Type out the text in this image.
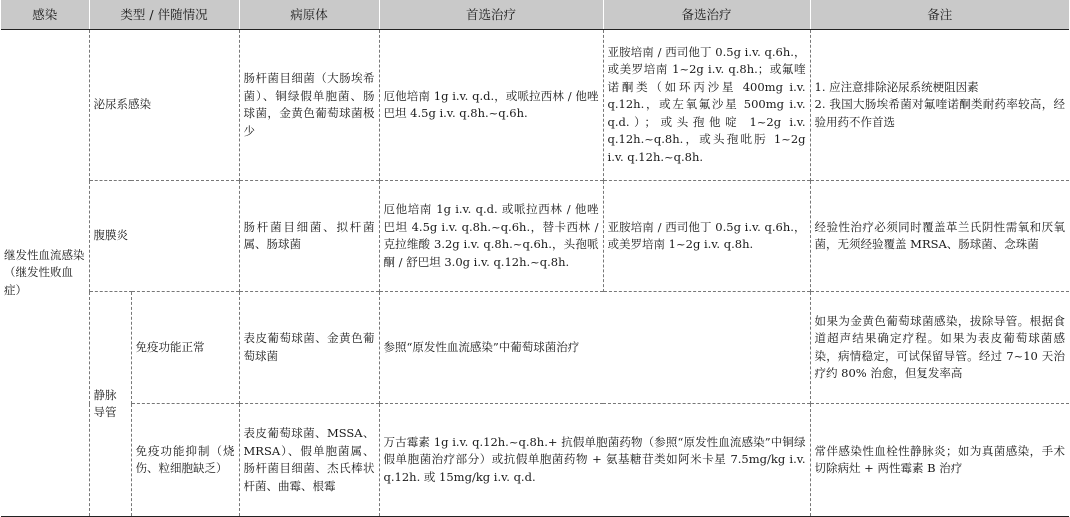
感染	类型 / 伴随情况		病原体	首选治疗	备选治疗	备注
继发性血流感染（继发性败血症）	泌尿系感染		肠杆菌目细菌（大肠埃希菌）、铜绿假单胞菌、肠球菌，金黄色葡萄球菌极少	厄他培南 1g i.v. q.d.，或哌拉西林 / 他唑巴坦 4.5g i.v. q.8h.~q.6h.	亚胺培南 / 西司他丁 0.5g i.v. q.6h.，或美罗培南 1~2g i.v. q.8h.；或氟喹诺酮类（如环丙沙星 400mg i.v. q.12h.，或左氧氟沙星 500mg i.v. q.d.）；或头孢他啶 1~2g i.v. q.12h.~q.8h.，或头孢吡肟 1~2g i.v. q.12h.~q.8h.	1. 应注意排除泌尿系统梗阻因素
2. 我国大肠埃希菌对氟喹诺酮类耐药率较高，经验用药不作首选
	腹膜炎		肠杆菌目细菌、拟杆菌属、肠球菌	厄他培南 1g i.v. q.d. 或哌拉西林 / 他唑巴坦 4.5g i.v. q.8h.~q.6h.，替卡西林 / 克拉维酸 3.2g i.v. q.8h.~q.6h.，头孢哌酮 / 舒巴坦 3.0g i.v. q.12h.~q.8h.	亚胺培南 / 西司他丁 0.5g i.v. q.6h.，或美罗培南 1~2g i.v. q.8h.	经验性治疗必须同时覆盖革兰氏阴性需氧和厌氧菌，无须经验覆盖 MRSA、肠球菌、念珠菌
	静脉导管	免疫功能正常	表皮葡萄球菌、金黄色葡萄球菌	参照“原发性血流感染”中葡萄球菌治疗		如果为金黄色葡萄球菌感染，拔除导管。根据食道超声结果确定疗程。如果为表皮葡萄球菌感染，病情稳定，可试保留导管。经过 7~10 天治疗约 80% 治愈，但复发率高
		免疫功能抑制（烧伤、粒细胞缺乏）	表皮葡萄球菌、MSSA、MRSA）、假单胞菌属、肠杆菌目细菌、杰氏棒状杆菌、曲霉、根霉	万古霉素 1g i.v. q.12h.~q.8h.+ 抗假单胞菌药物（参照“原发性血流感染”中铜绿假单胞菌治疗部分）或抗假单胞菌药物 + 氨基糖苷类如阿米卡星 7.5mg/kg i.v. q.12h. 或 15mg/kg i.v. q.d.		常伴感染性血栓性静脉炎；如为真菌感染，手术切除病灶 + 两性霉素 B 治疗
